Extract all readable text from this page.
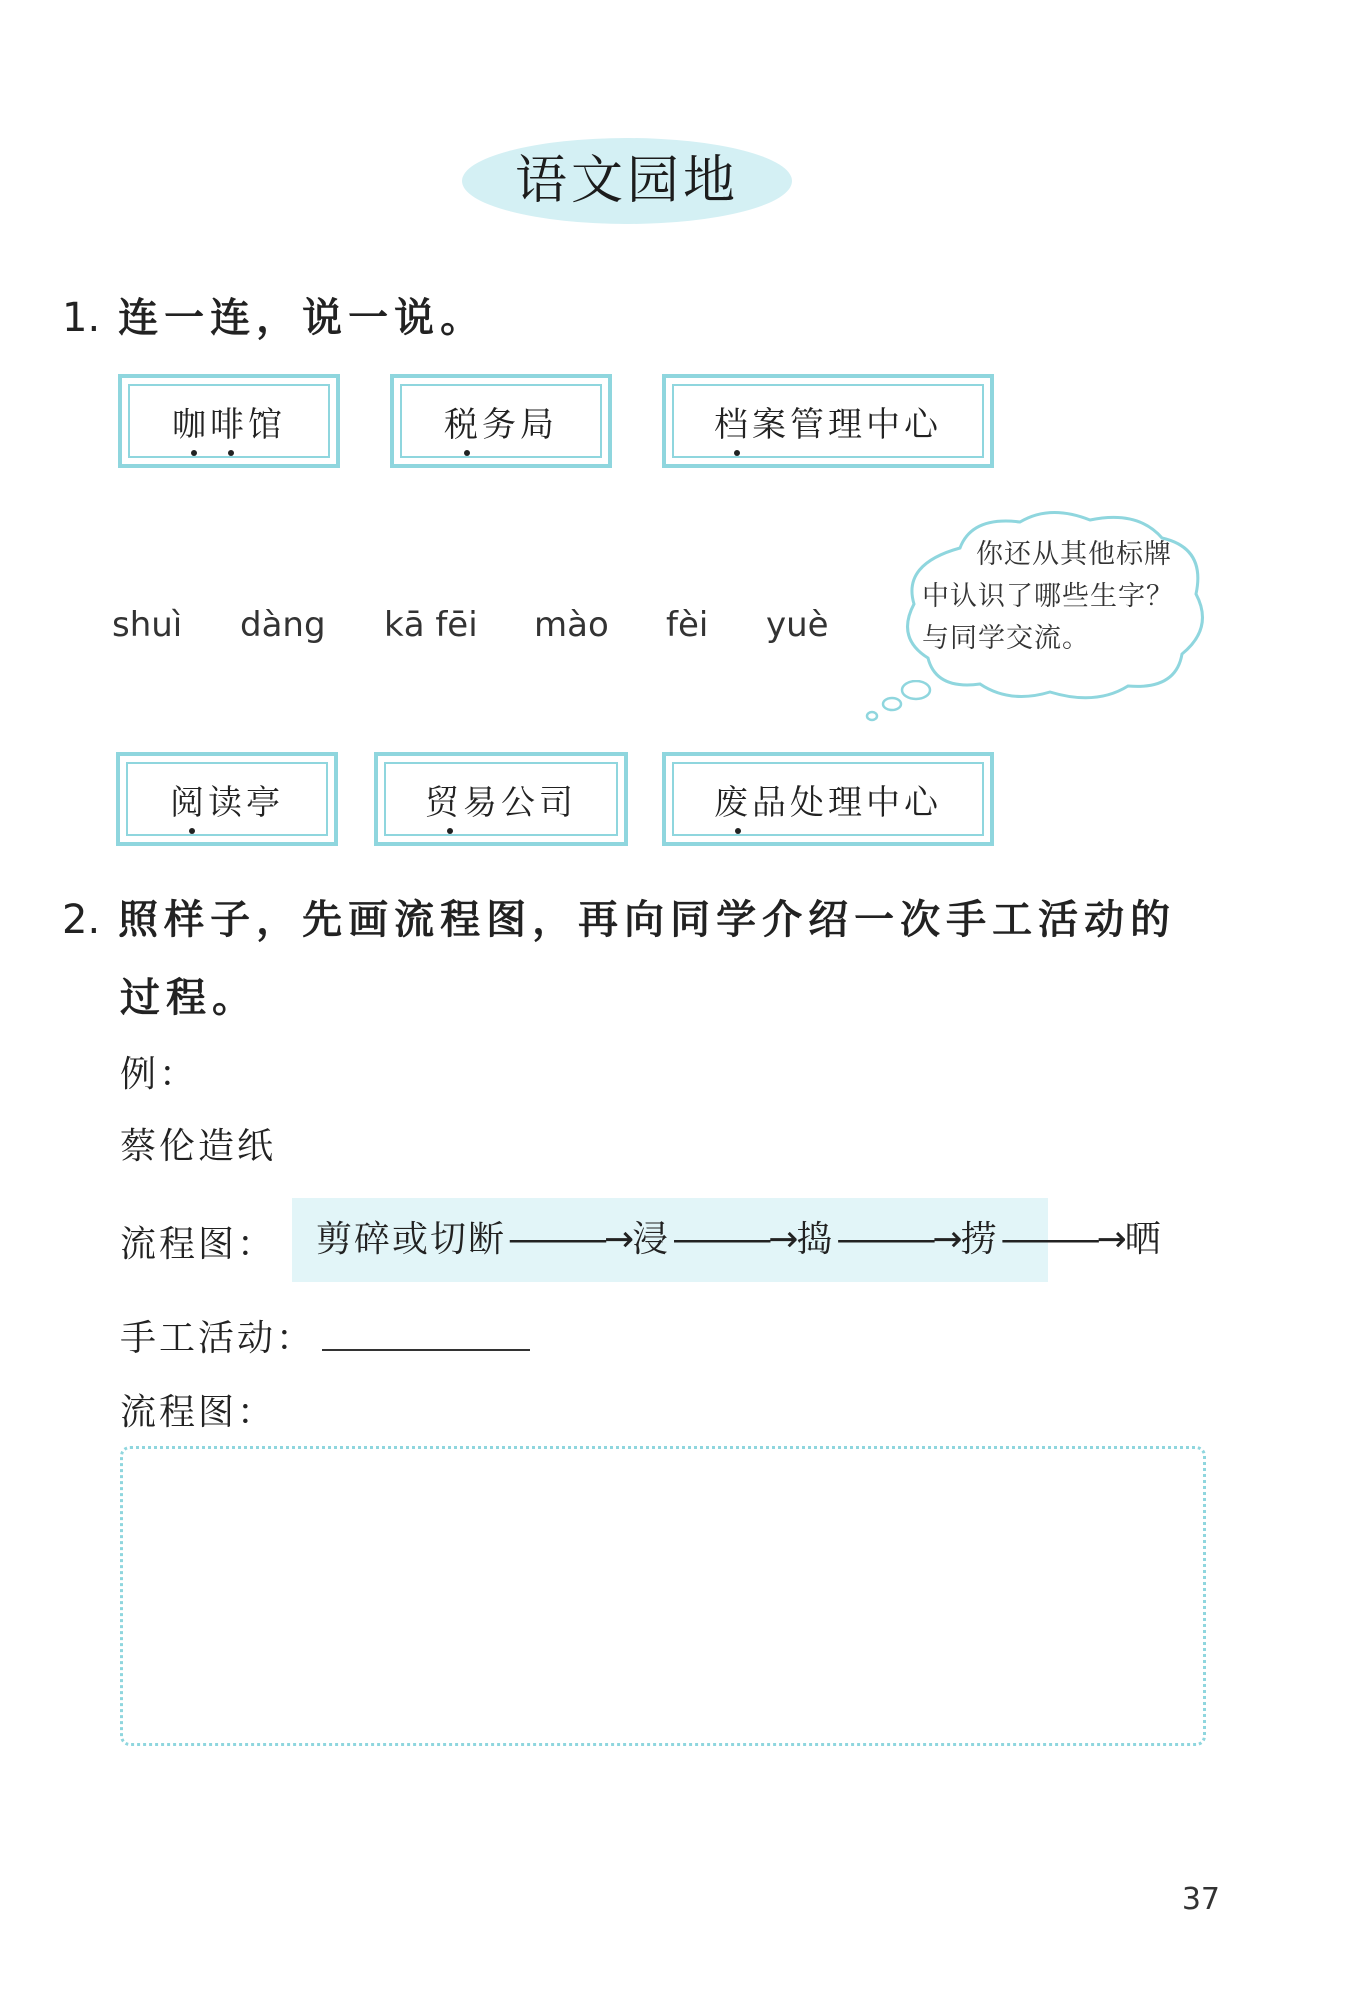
语文园地
1. 连一连，说一说。
咖啡馆	税务局	档案管理中心
shuì dàng kā fēi mào fèi yuè
你还从其他标牌中认识了哪些生字？与同学交流。
阅读亭	贸易公司	废品处理中心
2. 照样子，先画流程图，再向同学介绍一次手工活动的
过程。
例：
蔡伦造纸
流程图： 剪碎或切断———→浸———→捣———→捞———→晒
手工活动：
流程图：
37
